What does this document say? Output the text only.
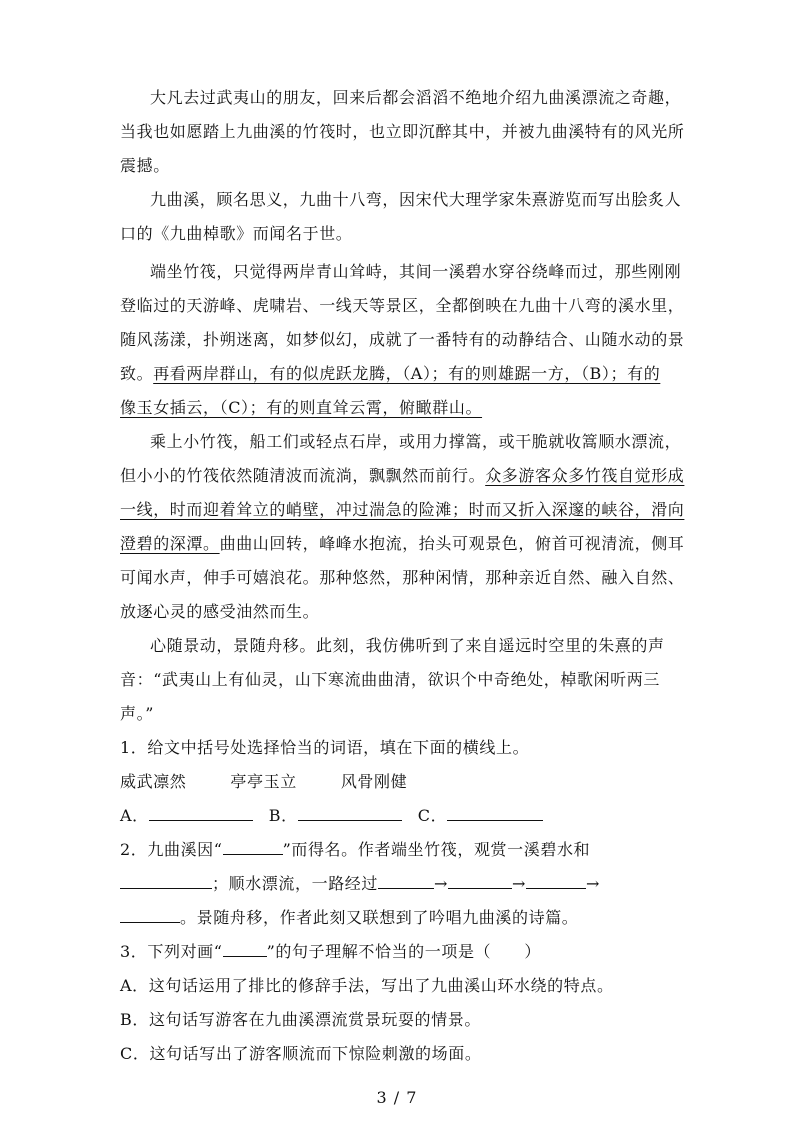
大凡去过武夷山的朋友，回来后都会滔滔不绝地介绍九曲溪漂流之奇趣，
当我也如愿踏上九曲溪的竹筏时，也立即沉醉其中，并被九曲溪特有的风光所
震撼。
九曲溪，顾名思义，九曲十八弯，因宋代大理学家朱熹游览而写出脍炙人
口的《九曲棹歌》而闻名于世。
端坐竹筏，只觉得两岸青山耸峙，其间一溪碧水穿谷绕峰而过，那些刚刚
登临过的天游峰、虎啸岩、一线天等景区，全都倒映在九曲十八弯的溪水里，
随风荡漾，扑朔迷离，如梦似幻，成就了一番特有的动静结合、山随水动的景
致。再看两岸群山，有的似虎跃龙腾，（A）；有的则雄踞一方，（B）；有的
像玉女插云，（C）；有的则直耸云霄，俯瞰群山。
乘上小竹筏，船工们或轻点石岸，或用力撑篙，或干脆就收篙顺水漂流，
但小小的竹筏依然随清波而流淌，飘飘然而前行。众多游客众多竹筏自觉形成
一线，时而迎着耸立的峭壁，冲过湍急的险滩；时而又折入深邃的峡谷，滑向
澄碧的深潭。曲曲山回转，峰峰水抱流，抬头可观景色，俯首可视清流，侧耳
可闻水声，伸手可嬉浪花。那种悠然，那种闲情，那种亲近自然、融入自然、
放逐心灵的感受油然而生。
心随景动，景随舟移。此刻，我仿佛听到了来自遥远时空里的朱熹的声
音：“武夷山上有仙灵，山下寒流曲曲清，欲识个中奇绝处，棹歌闲听两三
声。”
1．给文中括号处选择恰当的词语，填在下面的横线上。
威武凛然	亭亭玉立	风骨刚健
A．	B．	C．
2．九曲溪因“	”而得名。作者端坐竹筏，观赏一溪碧水和
；顺水漂流，一路经过	→	→	→
。景随舟移，作者此刻又联想到了吟唱九曲溪的诗篇。
3．下列对画“	”的句子理解不恰当的一项是（　　）
A．这句话运用了排比的修辞手法，写出了九曲溪山环水绕的特点。
B．这句话写游客在九曲溪漂流赏景玩耍的情景。
C．这句话写出了游客顺流而下惊险刺激的场面。
3 / 7
